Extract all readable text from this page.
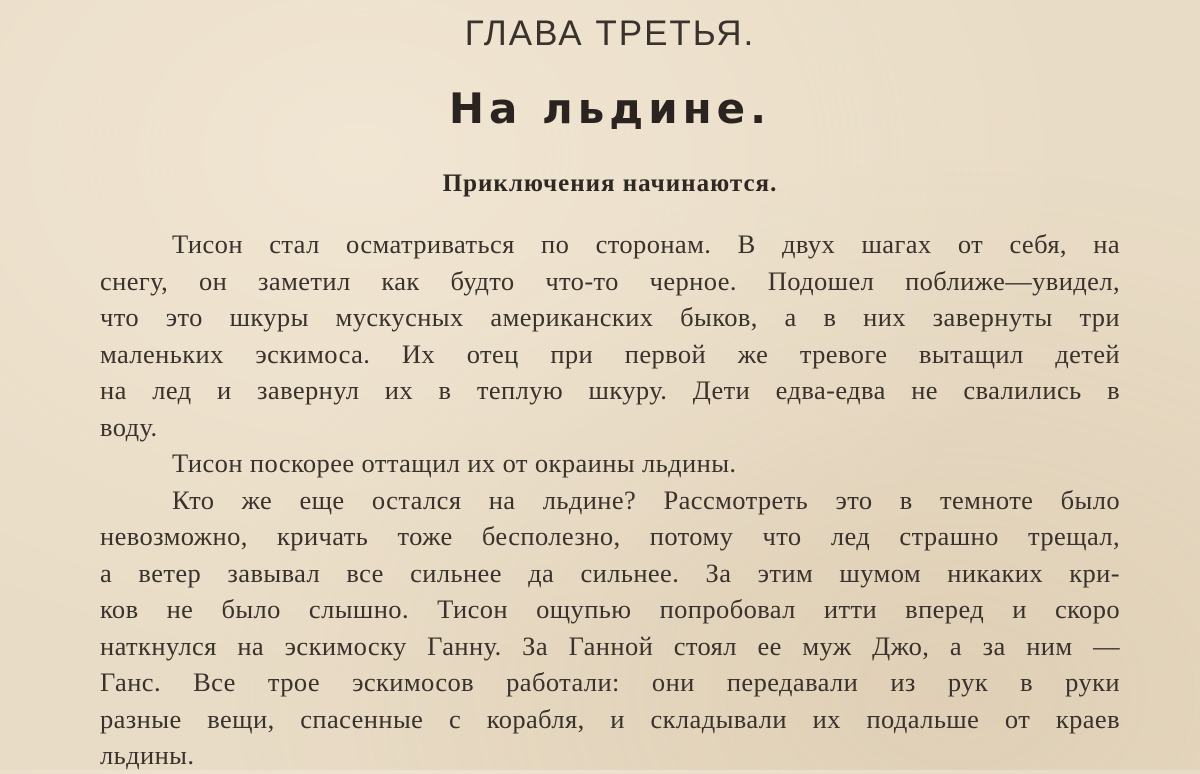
ГЛАВА ТРЕТЬЯ.
На льдине.
Приключения начинаются.
Тисон стал осматриваться по сторонам. В двух шагах от себя, на
снегу, он заметил как будто что-то черное. Подошел поближе—увидел,
что это шкуры мускусных американских быков, а в них завернуты три
маленьких эскимоса. Их отец при первой же тревоге вытащил детей
на лед и завернул их в теплую шкуру. Дети едва-едва не свалились в
воду.
Тисон поскорее оттащил их от окраины льдины.
Кто же еще остался на льдине? Рассмотреть это в темноте было
невозможно, кричать тоже бесполезно, потому что лед страшно трещал,
а ветер завывал все сильнее да сильнее. За этим шумом никаких кри-
ков не было слышно. Тисон ощупью попробовал итти вперед и скоро
наткнулся на эскимоску Ганну. За Ганной стоял ее муж Джо, а за ним —
Ганс. Все трое эскимосов работали: они передавали из рук в руки
разные вещи, спасенные с корабля, и складывали их подальше от краев
льдины.
